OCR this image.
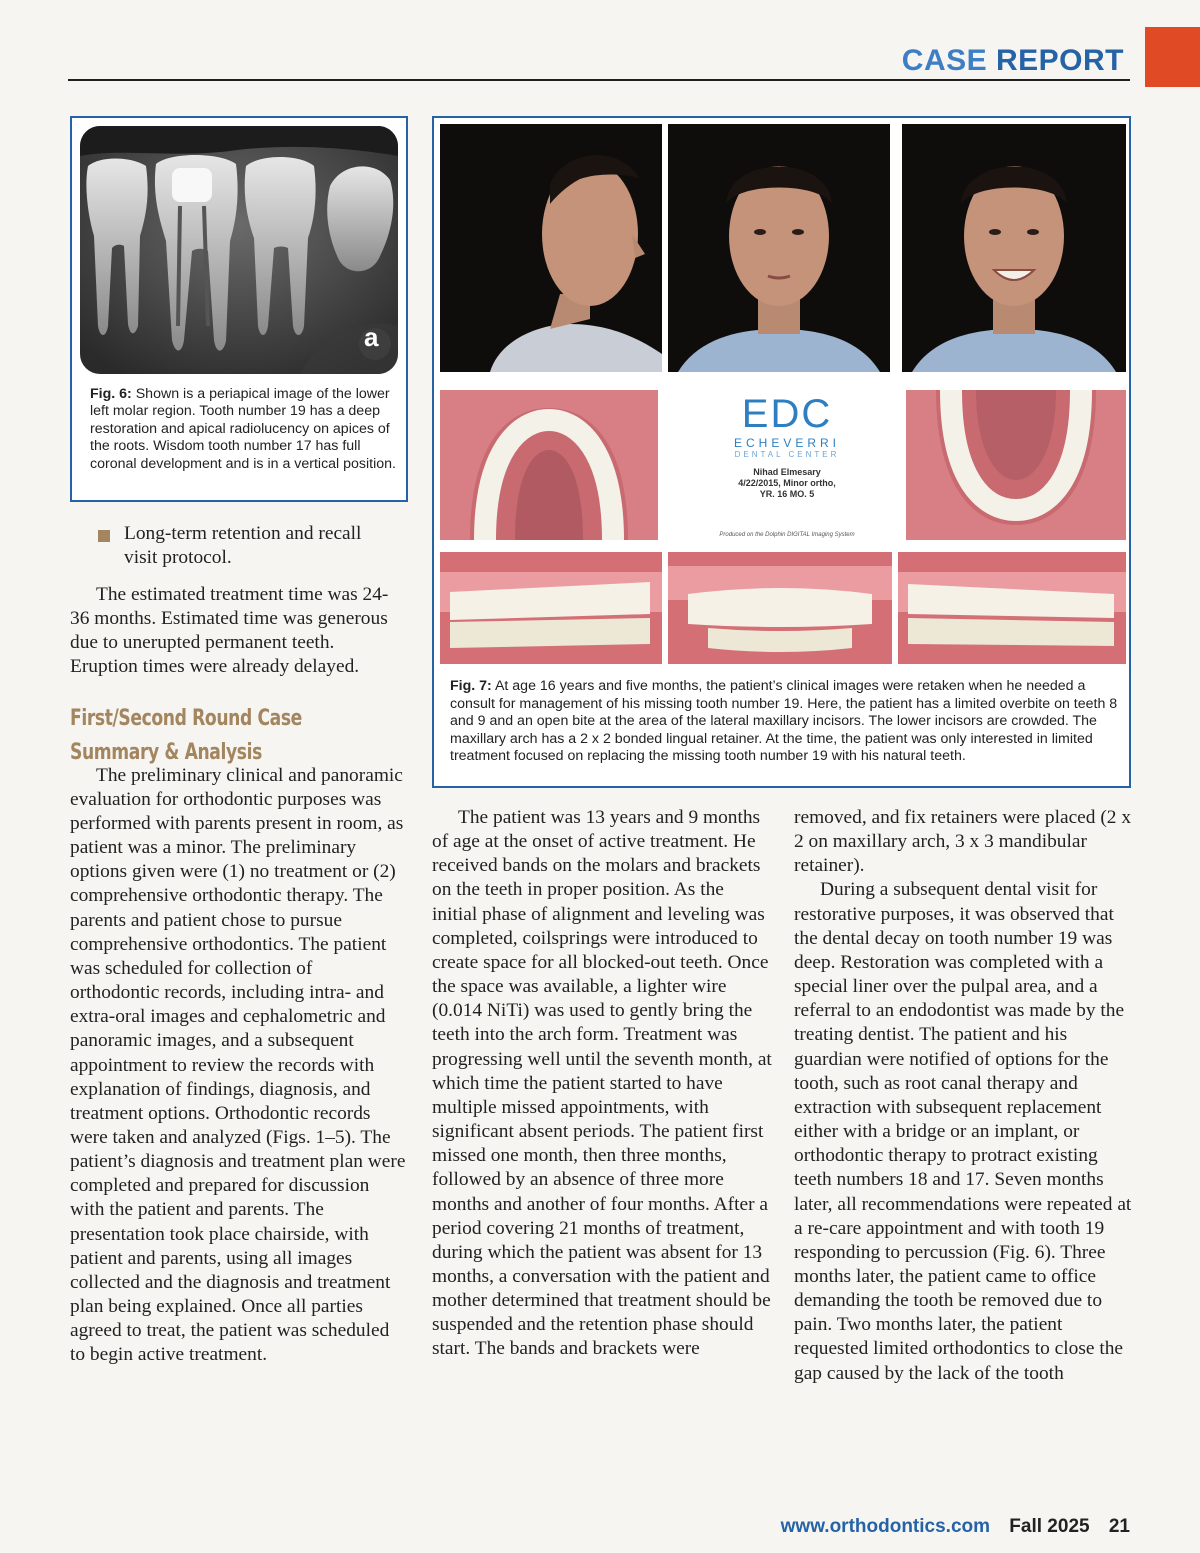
CASE REPORT
a
Fig. 6: Shown is a periapical image of the lower left molar region. Tooth number 19 has a deep restoration and apical radiolucency on apices of the roots. Wisdom tooth number 17 has full coronal development and is in a vertical position.
EDC
ECHEVERRI
DENTAL CENTER
Nihad Elmesary
4/22/2015, Minor ortho,
YR. 16 MO. 5
Produced on the Dolphin DIGITAL Imaging System
Fig. 7: At age 16 years and five months, the patient’s clinical images were retaken when he needed a consult for management of his missing tooth number 19. Here, the patient has a limited overbite on teeth 8 and 9 and an open bite at the area of the lateral maxillary incisors. The lower incisors are crowded. The maxillary arch has a 2 x 2 bonded lingual retainer. At the time, the patient was only interested in limited treatment focused on replacing the missing tooth number 19 with his natural teeth.
Long-term retention and recall visit protocol.

The estimated treatment time was 24-36 months. Estimated time was generous due to unerupted permanent teeth. Eruption times were already delayed.

First/Second Round Case
Summary & Analysis

The preliminary clinical and panoramic evaluation for orthodontic purposes was performed with parents present in room, as patient was a minor. The preliminary options given were (1) no treatment or (2) comprehensive orthodontic therapy. The parents and patient chose to pursue comprehensive orthodontics. The patient was scheduled for collection of orthodontic records, including intra- and extra-oral images and cephalometric and panoramic images, and a subsequent appointment to review the records with explanation of findings, diagnosis, and treatment options. Orthodontic records were taken and analyzed (Figs. 1–5). The patient’s diagnosis and treatment plan were completed and prepared for discussion with the patient and parents. The presentation took place chairside, with patient and parents, using all images collected and the diagnosis and treatment plan being explained. Once all parties agreed to treat, the patient was scheduled to begin active treatment.

The patient was 13 years and 9 months of age at the onset of active treatment. He received bands on the molars and brackets on the teeth in proper position. As the initial phase of alignment and leveling was completed, coilsprings were introduced to create space for all blocked-out teeth. Once the space was available, a lighter wire (0.014 NiTi) was used to gently bring the teeth into the arch form. Treatment was progressing well until the seventh month, at which time the patient started to have multiple missed appointments, with significant absent periods. The patient first missed one month, then three months, followed by an absence of three more months and another of four months. After a period covering 21 months of treatment, during which the patient was absent for 13 months, a conversation with the patient and mother determined that treatment should be suspended and the retention phase should start. The bands and brackets were

removed, and fix retainers were placed (2 x 2 on maxillary arch, 3 x 3 mandibular retainer).

During a subsequent dental visit for restorative purposes, it was observed that the dental decay on tooth number 19 was deep. Restoration was completed with a special liner over the pulpal area, and a referral to an endodontist was made by the treating dentist. The patient and his guardian were notified of options for the tooth, such as root canal therapy and extraction with subsequent replacement either with a bridge or an implant, or orthodontic therapy to protract existing teeth numbers 18 and 17. Seven months later, all recommendations were repeated at a re-care appointment and with tooth 19 responding to percussion (Fig. 6). Three months later, the patient came to office demanding the tooth be removed due to pain. Two months later, the patient requested limited orthodontics to close the gap caused by the lack of the tooth

www.orthodontics.com Fall 2025 21
